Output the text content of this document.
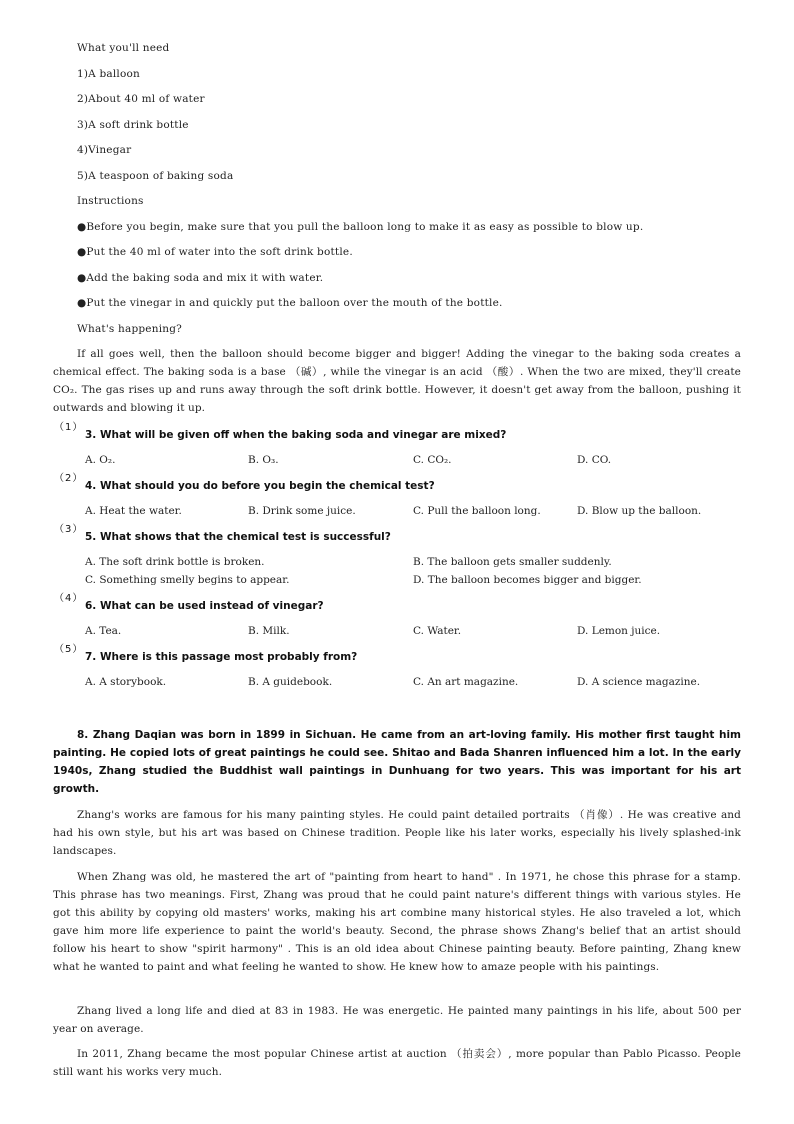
What you'll need
1)A balloon
2)About 40 ml of water
3)A soft drink bottle
4)Vinegar
5)A teaspoon of baking soda
Instructions
●Before you begin, make sure that you pull the balloon long to make it as easy as possible to blow up.
●Put the 40 ml of water into the soft drink bottle.
●Add the baking soda and mix it with water.
●Put the vinegar in and quickly put the balloon over the mouth of the bottle.
What's happening?
If all goes well, then the balloon should become bigger and bigger! Adding the vinegar to the baking soda creates a chemical effect. The baking soda is a base （碱）, while the vinegar is an acid （酸）. When the two are mixed, they'll create CO₂. The gas rises up and runs away through the soft drink bottle. However, it doesn't get away from the balloon, pushing it outwards and blowing it up.
（1）
3. What will be given off when the baking soda and vinegar are mixed?
A. O₂.	B. O₃.	C. CO₂.	D. CO.
（2）
4. What should you do before you begin the chemical test?
A. Heat the water.	B. Drink some juice.	C. Pull the balloon long.	D. Blow up the balloon.
（3）
5. What shows that the chemical test is successful?
A. The soft drink bottle is broken.	B. The balloon gets smaller suddenly.
C. Something smelly begins to appear.	D. The balloon becomes bigger and bigger.
（4）
6. What can be used instead of vinegar?
A. Tea.	B. Milk.	C. Water.	D. Lemon juice.
（5）
7. Where is this passage most probably from?
A. A storybook.	B. A guidebook.	C. An art magazine.	D. A science magazine.
8. Zhang Daqian was born in 1899 in Sichuan. He came from an art-loving family. His mother first taught him painting. He copied lots of great paintings he could see. Shitao and Bada Shanren influenced him a lot. In the early 1940s, Zhang studied the Buddhist wall paintings in Dunhuang for two years. This was important for his art growth.
Zhang's works are famous for his many painting styles. He could paint detailed portraits （肖像）. He was creative and had his own style, but his art was based on Chinese tradition. People like his later works, especially his lively splashed-ink landscapes.
When Zhang was old, he mastered the art of "painting from heart to hand" . In 1971, he chose this phrase for a stamp. This phrase has two meanings. First, Zhang was proud that he could paint nature's different things with various styles. He got this ability by copying old masters' works, making his art combine many historical styles. He also traveled a lot, which gave him more life experience to paint the world's beauty. Second, the phrase shows Zhang's belief that an artist should follow his heart to show "spirit harmony" . This is an old idea about Chinese painting beauty. Before painting, Zhang knew what he wanted to paint and what feeling he wanted to show. He knew how to amaze people with his paintings.
Zhang lived a long life and died at 83 in 1983. He was energetic. He painted many paintings in his life, about 500 per year on average.
In 2011, Zhang became the most popular Chinese artist at auction （拍卖会）, more popular than Pablo Picasso. People still want his works very much.
